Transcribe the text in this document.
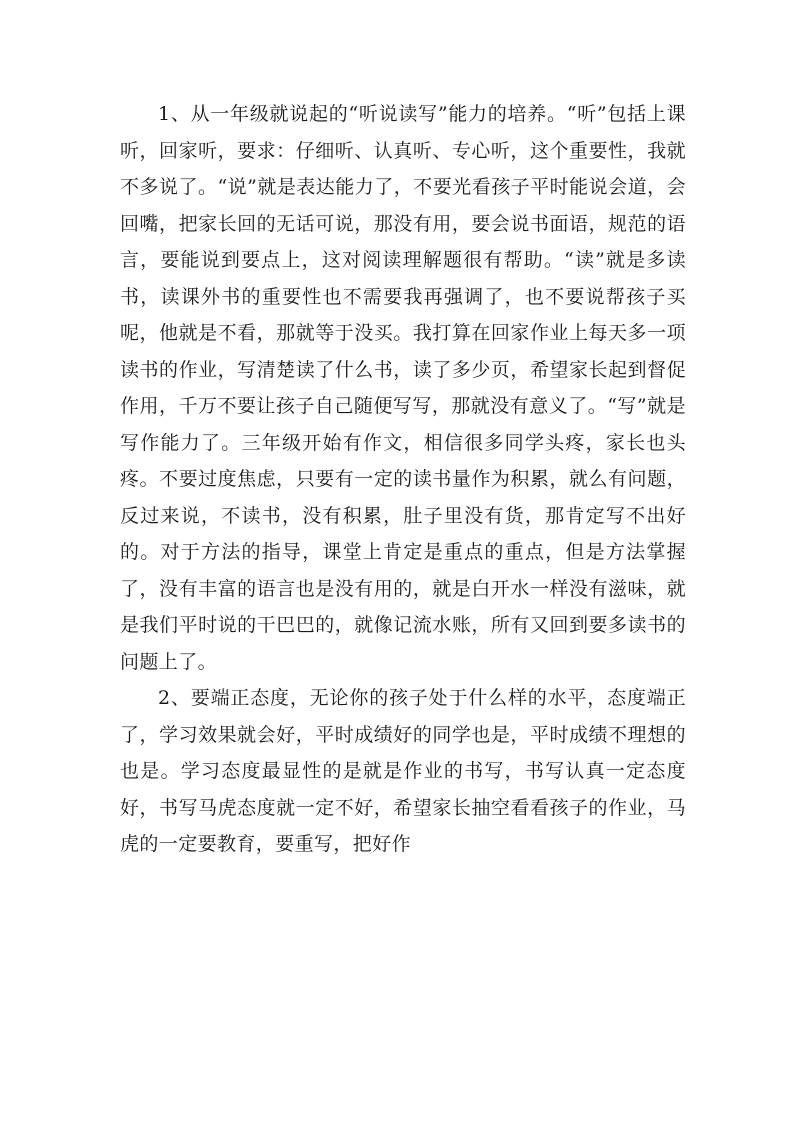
1、从一年级就说起的“听说读写”能力的培养。“听”包括上课听，回家听，要求：仔细听、认真听、专心听，这个重要性，我就不多说了。“说”就是表达能力了，不要光看孩子平时能说会道，会回嘴，把家长回的无话可说，那没有用，要会说书面语，规范的语言，要能说到要点上，这对阅读理解题很有帮助。“读”就是多读书，读课外书的重要性也不需要我再强调了，也不要说帮孩子买呢，他就是不看，那就等于没买。我打算在回家作业上每天多一项读书的作业，写清楚读了什么书，读了多少页，希望家长起到督促作用，千万不要让孩子自己随便写写，那就没有意义了。“写”就是写作能力了。三年级开始有作文，相信很多同学头疼，家长也头疼。不要过度焦虑，只要有一定的读书量作为积累，就么有问题，反过来说，不读书，没有积累，肚子里没有货，那肯定写不出好的。对于方法的指导，课堂上肯定是重点的重点，但是方法掌握了，没有丰富的语言也是没有用的，就是白开水一样没有滋味，就是我们平时说的干巴巴的，就像记流水账，所有又回到要多读书的问题上了。

2、要端正态度，无论你的孩子处于什么样的水平，态度端正了，学习效果就会好，平时成绩好的同学也是，平时成绩不理想的也是。学习态度最显性的是就是作业的书写，书写认真一定态度好，书写马虎态度就一定不好，希望家长抽空看看孩子的作业，马虎的一定要教育，要重写，把好作
